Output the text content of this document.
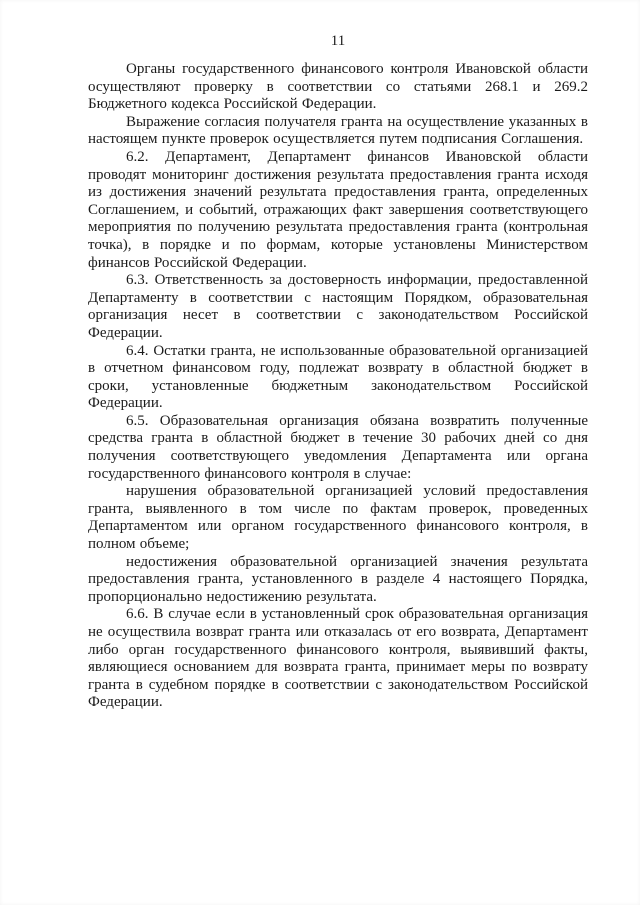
11

Органы государственного финансового контроля Ивановской области осуществляют проверку в соответствии со статьями 268.1 и 269.2 Бюджетного кодекса Российской Федерации.

Выражение согласия получателя гранта на осуществление указанных в настоящем пункте проверок осуществляется путем подписания Соглашения.

6.2. Департамент, Департамент финансов Ивановской области проводят мониторинг достижения результата предоставления гранта исходя из достижения значений результата предоставления гранта, определенных Соглашением, и событий, отражающих факт завершения соответствующего мероприятия по получению результата предоставления гранта (контрольная точка), в порядке и по формам, которые установлены Министерством финансов Российской Федерации.

6.3. Ответственность за достоверность информации, предоставленной Департаменту в соответствии с настоящим Порядком, образовательная организация несет в соответствии с законодательством Российской Федерации.

6.4. Остатки гранта, не использованные образовательной организацией в отчетном финансовом году, подлежат возврату в областной бюджет в сроки, установленные бюджетным законодательством Российской Федерации.

6.5. Образовательная организация обязана возвратить полученные средства гранта в областной бюджет в течение 30 рабочих дней со дня получения соответствующего уведомления Департамента или органа государственного финансового контроля в случае:

нарушения образовательной организацией условий предоставления гранта, выявленного в том числе по фактам проверок, проведенных Департаментом или органом государственного финансового контроля, в полном объеме;

недостижения образовательной организацией значения результата предоставления гранта, установленного в разделе 4 настоящего Порядка, пропорционально недостижению результата.

6.6. В случае если в установленный срок образовательная организация не осуществила возврат гранта или отказалась от его возврата, Департамент либо орган государственного финансового контроля, выявивший факты, являющиеся основанием для возврата гранта, принимает меры по возврату гранта в судебном порядке в соответствии с законодательством Российской Федерации.
